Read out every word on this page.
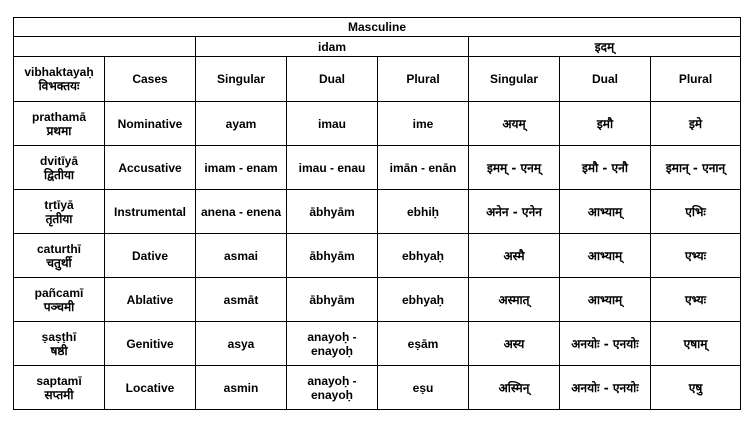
Masculine							
		idam			इदम्		

vibhaktayaḥ
विभक्तयः	Cases	Singular	Dual	Plural	Singular	Dual	Plural

prathamā
प्रथमा	Nominative	ayam	imau	ime	अयम्	इमौ	इमे

dvitīyā
द्वितीया	Accusative	imam - enam	imau - enau	imān - enān	इमम् - एनम्	इमौ - एनौ	इमान् - एनान्

tṛtīyā
तृतीया	Instrumental	anena - enena	ābhyām	ebhiḥ	अनेन - एनेन	आभ्याम्	एभिः

caturthī
चतुर्थी	Dative	asmai	ābhyām	ebhyaḥ	अस्मै	आभ्याम्	एभ्यः

pañcamī
पञ्चमी	Ablative	asmāt	ābhyām	ebhyaḥ	अस्मात्	आभ्याम्	एभ्यः

ṣaṣṭhī
षष्ठी	Genitive	asya	anayoḥ - enayoḥ	eṣām	अस्य	अनयोः - एनयोः	एषाम्

saptamī
सप्तमी	Locative	asmin	anayoḥ - enayoḥ	eṣu	अस्मिन्	अनयोः - एनयोः	एषु
